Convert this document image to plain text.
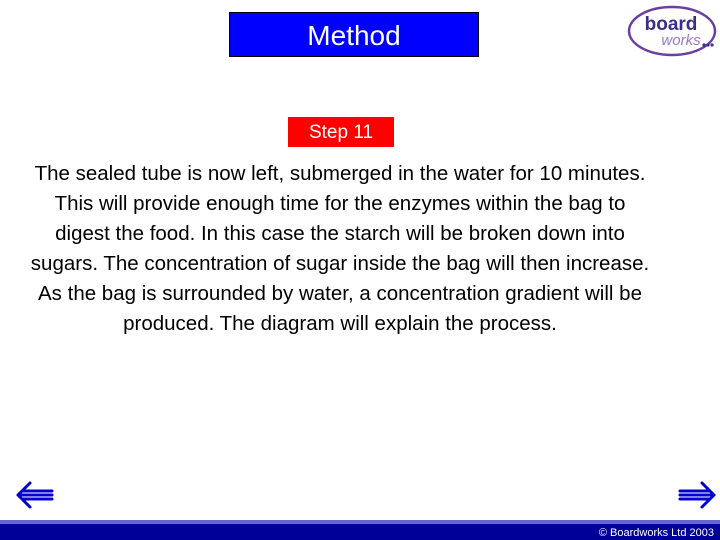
Method	board
works
Step 11

The sealed tube is now left, submerged in the water for 10 minutes. This will provide enough time for the enzymes within the bag to digest the food. In this case the starch will be broken down into sugars. The concentration of sugar inside the bag will then increase. As the bag is surrounded by water, a concentration gradient will be produced. The diagram will explain the process.

© Boardworks Ltd 2003
